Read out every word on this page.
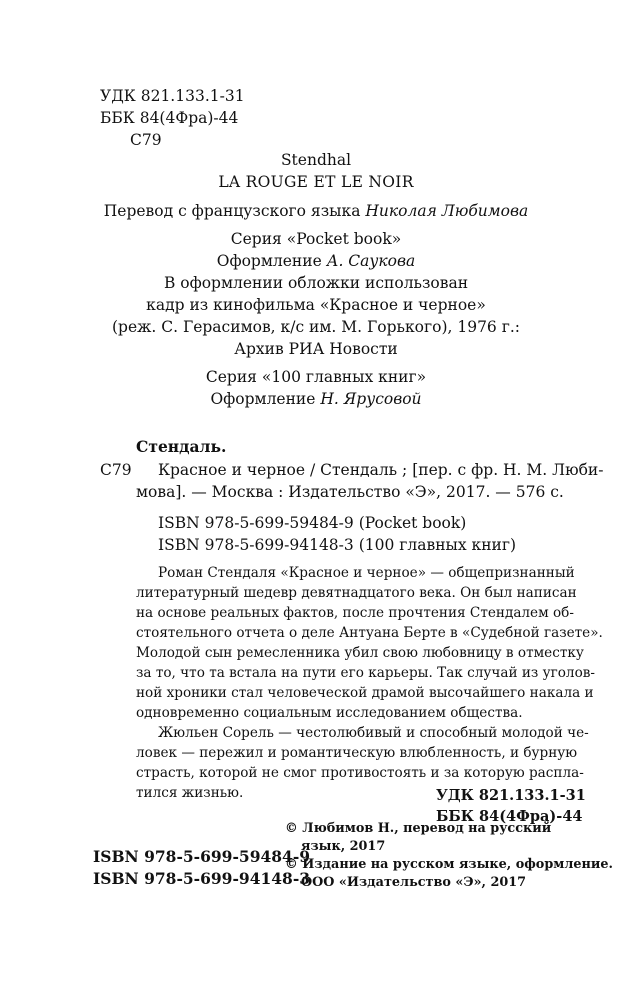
УДК 821.133.1-31
ББК 84(4Фра)-44
С79
Stendhal
LA ROUGE ET LE NOIR
Перевод с французского языка Николая Любимова
Серия «Pocket book»
Оформление А. Саукова
В оформлении обложки использован
кадр из кинофильма «Красное и черное»
(реж. С. Герасимов, к/с им. М. Горького), 1976 г.:
Архив РИА Новости
Серия «100 главных книг»
Оформление Н. Ярусовой
Стендаль.
С79 Красное и черное / Стендаль ; [пер. с фр. Н. М. Люби-
мова]. — Москва : Издательство «Э», 2017. — 576 с.
ISBN 978-5-699-59484-9 (Pocket book)
ISBN 978-5-699-94148-3 (100 главных книг)
Роман Стендаля «Красное и черное» — общепризнанный
литературный шедевр девятнадцатого века. Он был написан
на основе реальных фактов, после прочтения Стендалем об-
стоятельного отчета о деле Антуана Берте в «Судебной газете».
Молодой сын ремесленника убил свою любовницу в отместку
за то, что та встала на пути его карьеры. Так случай из уголов-
ной хроники стал человеческой драмой высочайшего накала и
одновременно социальным исследованием общества.
Жюльен Сорель — честолюбивый и способный молодой че-
ловек — пережил и романтическую влюбленность, и бурную
страсть, которой не смог противостоять и за которую распла-
тился жизнью.	УДК 821.133.1-31
ББК 84(4Фра)-44
© Любимов Н., перевод на русский
язык, 2017
© Издание на русском языке, оформление.
ООО «Издательство «Э», 2017
ISBN 978-5-699-59484-9
ISBN 978-5-699-94148-3
